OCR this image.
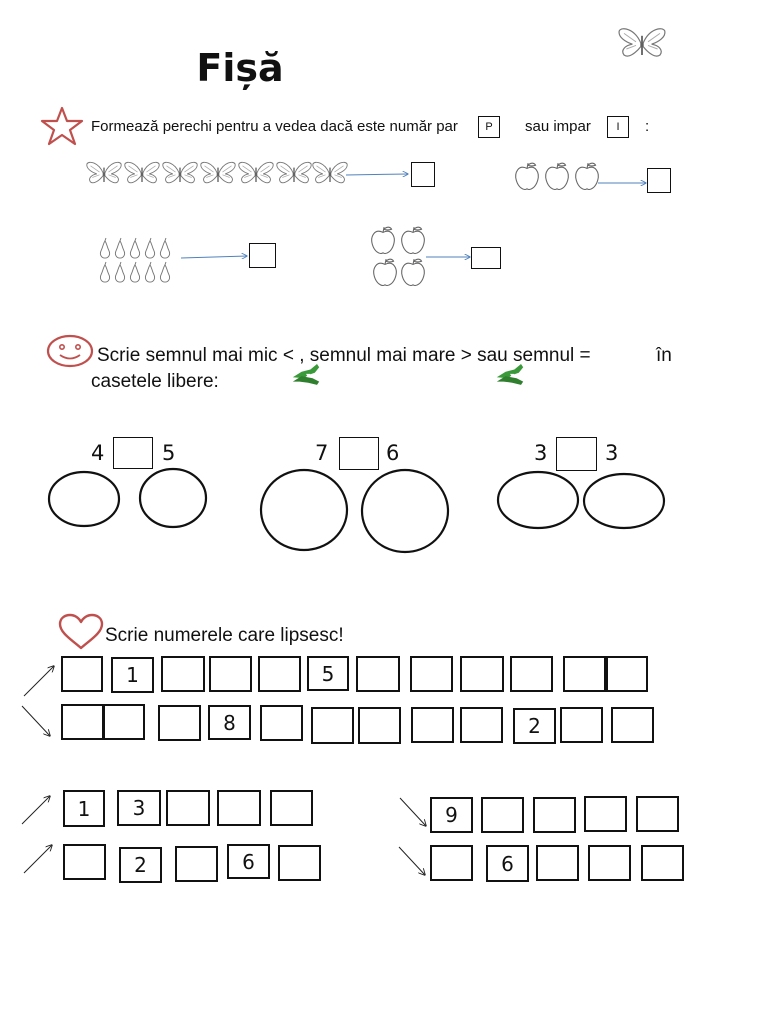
Fișă
Formează perechi pentru a vedea dacă este număr par	P	sau impar	I	:
Scrie semnul mai mic < , semnul mai mare > sau semnul =	în
casetele libere:
4	5	7	6	3	3
Scrie numerele care lipsesc!
1	5
8	2
1 3
2	6
9
6
